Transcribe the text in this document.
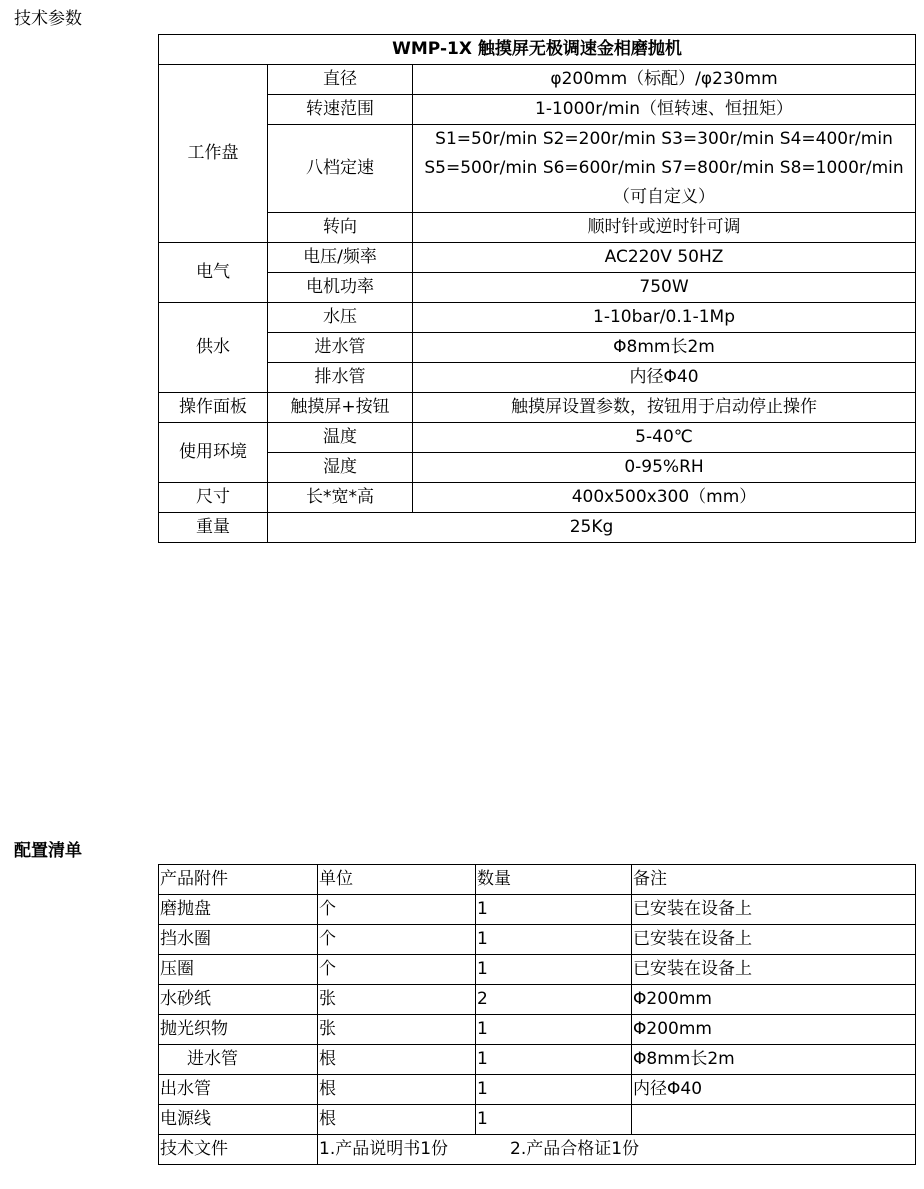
技术参数
WMP-1X 触摸屏无极调速金相磨抛机		
工作盘	直径	φ200mm（标配）/φ230mm
	转速范围	1-1000r/min（恒转速、恒扭矩）
	八档定速	S1=50r/min S2=200r/min S3=300r/min S4=400r/min
S5=500r/min S6=600r/min S7=800r/min S8=1000r/min
（可自定义）

	转向	顺时针或逆时针可调
电气	电压/频率	AC220V 50HZ
	电机功率	750W
供水	水压	1-10bar/0.1-1Mp
	进水管	Φ8mm长2m
	排水管	内径Φ40
操作面板	触摸屏+按钮	触摸屏设置参数，按钮用于启动停止操作
使用环境	温度	5-40℃
	湿度	0-95%RH
尺寸	长*宽*高	400x500x300（mm）
重量	25Kg	
配置清单
产品附件	单位	数量	备注
磨抛盘	个	1	已安装在设备上
挡水圈	个	1	已安装在设备上
压圈	个	1	已安装在设备上
水砂纸	张	2	Φ200mm
抛光织物	张	1	Φ200mm
进水管	根	1	Φ8mm长2m
出水管	根	1	内径Φ40
电源线	根	1	
技术文件	1.产品说明书1份 2.产品合格证1份		
